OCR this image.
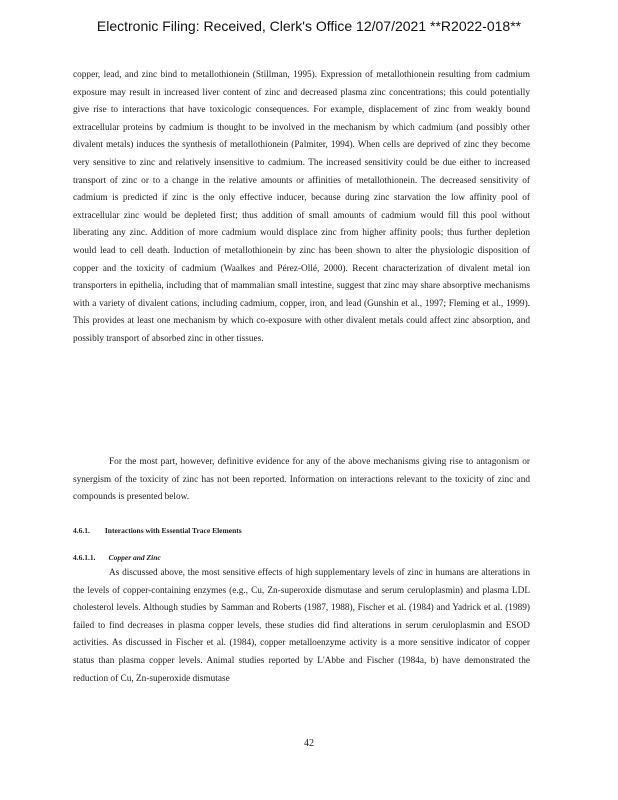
Electronic Filing: Received, Clerk's Office 12/07/2021 **R2022-018**

copper, lead, and zinc bind to metallothionein (Stillman, 1995). Expression of metallothionein resulting from cadmium exposure may result in increased liver content of zinc and decreased plasma zinc concentrations; this could potentially give rise to interactions that have toxicologic consequences. For example, displacement of zinc from weakly bound extracellular proteins by cadmium is thought to be involved in the mechanism by which cadmium (and possibly other divalent metals) induces the synthesis of metallothionein (Palmiter, 1994). When cells are deprived of zinc they become very sensitive to zinc and relatively insensitive to cadmium. The increased sensitivity could be due either to increased transport of zinc or to a change in the relative amounts or affinities of metallothionein. The decreased sensitivity of cadmium is predicted if zinc is the only effective inducer, because during zinc starvation the low affinity pool of extracellular zinc would be depleted first; thus addition of small amounts of cadmium would fill this pool without liberating any zinc. Addition of more cadmium would displace zinc from higher affinity pools; thus further depletion would lead to cell death. Induction of metallothionein by zinc has been shown to alter the physiologic disposition of copper and the toxicity of cadmium (Waalkes and Pérez-Ollé, 2000). Recent characterization of divalent metal ion transporters in epithelia, including that of mammalian small intestine, suggest that zinc may share absorptive mechanisms with a variety of divalent cations, including cadmium, copper, iron, and lead (Gunshin et al., 1997; Fleming et al., 1999). This provides at least one mechanism by which co-exposure with other divalent metals could affect zinc absorption, and possibly transport of absorbed zinc in other tissues.

For the most part, however, definitive evidence for any of the above mechanisms giving rise to antagonism or synergism of the toxicity of zinc has not been reported. Information on interactions relevant to the toxicity of zinc and compounds is presented below.

4.6.1. Interactions with Essential Trace Elements
4.6.1.1. Copper and Zinc

As discussed above, the most sensitive effects of high supplementary levels of zinc in humans are alterations in the levels of copper-containing enzymes (e.g., Cu, Zn-superoxide dismutase and serum ceruloplasmin) and plasma LDL cholesterol levels. Although studies by Samman and Roberts (1987, 1988), Fischer et al. (1984) and Yadrick et al. (1989) failed to find decreases in plasma copper levels, these studies did find alterations in serum ceruloplasmin and ESOD activities. As discussed in Fischer et al. (1984), copper metalloenzyme activity is a more sensitive indicator of copper status than plasma copper levels. Animal studies reported by L'Abbe and Fischer (1984a, b) have demonstrated the reduction of Cu, Zn-superoxide dismutase

42
